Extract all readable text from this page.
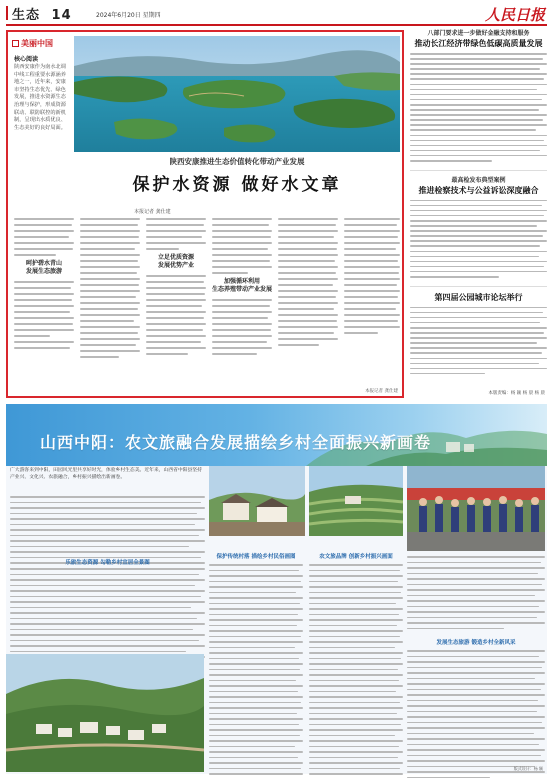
生态 14	2024年6月20日 星期四	人民日报
美丽中国
核心阅读
陕西安康作为南水北调中线工程重要水源涵养地之一，近年来，安康市坚持生态优先、绿色发展，推进水资源生态治理与保护，形成资源联动、联防联控的新机制，呈现出水质优良、生态美好的良好局面。
陕西安康推进生态价值转化带动产业发展
保护水资源 做好水文章
本报记者 龚仕建
呵护碧水青山
发展生态旅游
立足优质资源
发展优势产业
加强循环利用
生态养殖带动产业发展
本报记者 龚仕建
八部门要求进一步做好金融支持和服务
推动长江经济带绿色低碳高质量发展
最高检发布典型案例
推进检察技术与公益诉讼深度融合
第四届公园城市论坛举行
本版责编：杨 颖 杨 晨 杨 晨
山西中阳：农文旅融合发展描绘乡村全面振兴新画卷
广大游客来到中阳，田园风光里共享好时光，体验乡村生态美。近年来，山西省中阳县坚持产业兴、文化兴、农旅融合，乡村振兴描绘出新画卷。
乐旅生态资源 勾勒乡村宜居全景图
保护传统村落 描绘乡村民俗画图	农文旅品牌 创新乡村振兴画面
发展生态旅游 锻造乡村全新风采
版式设计：杨 颖
